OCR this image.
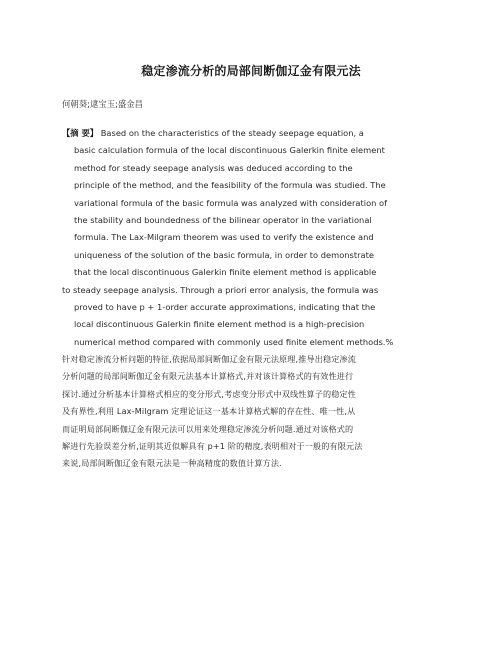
稳定渗流分析的局部间断伽辽金有限元法
何朝葵;逮宝玉;盛金昌
【摘 要】 Based on the characteristics of the steady seepage equation, a
basic calculation formula of the local discontinuous Galerkin finite element
method for steady seepage analysis was deduced according to the
principle of the method, and the feasibility of the formula was studied. The
variational formula of the basic formula was analyzed with consideration of
the stability and boundedness of the bilinear operator in the variational
formula. The Lax-Milgram theorem was used to verify the existence and
uniqueness of the solution of the basic formula, in order to demonstrate
that the local discontinuous Galerkin finite element method is applicable
to steady seepage analysis. Through a priori error analysis, the formula was
proved to have p + 1-order accurate approximations, indicating that the
local discontinuous Galerkin finite element method is a high-precision
numerical method compared with commonly used finite element methods.%
针对稳定渗流分析问题的特征,依据局部间断伽辽金有限元法原理,推导出稳定渗流
分析问题的局部间断伽辽金有限元法基本计算格式,并对该计算格式的有效性进行
探讨.通过分析基本计算格式相应的变分形式,考虑变分形式中双线性算子的稳定性
及有界性,利用 Lax-Milgram 定理论证这一基本计算格式解的存在性、唯一性,从
而证明局部间断伽辽金有限元法可以用来处理稳定渗流分析问题.通过对该格式的
解进行先验误差分析,证明其近似解具有 p+1 阶的精度,表明相对于一般的有限元法
来说,局部间断伽辽金有限元法是一种高精度的数值计算方法.
